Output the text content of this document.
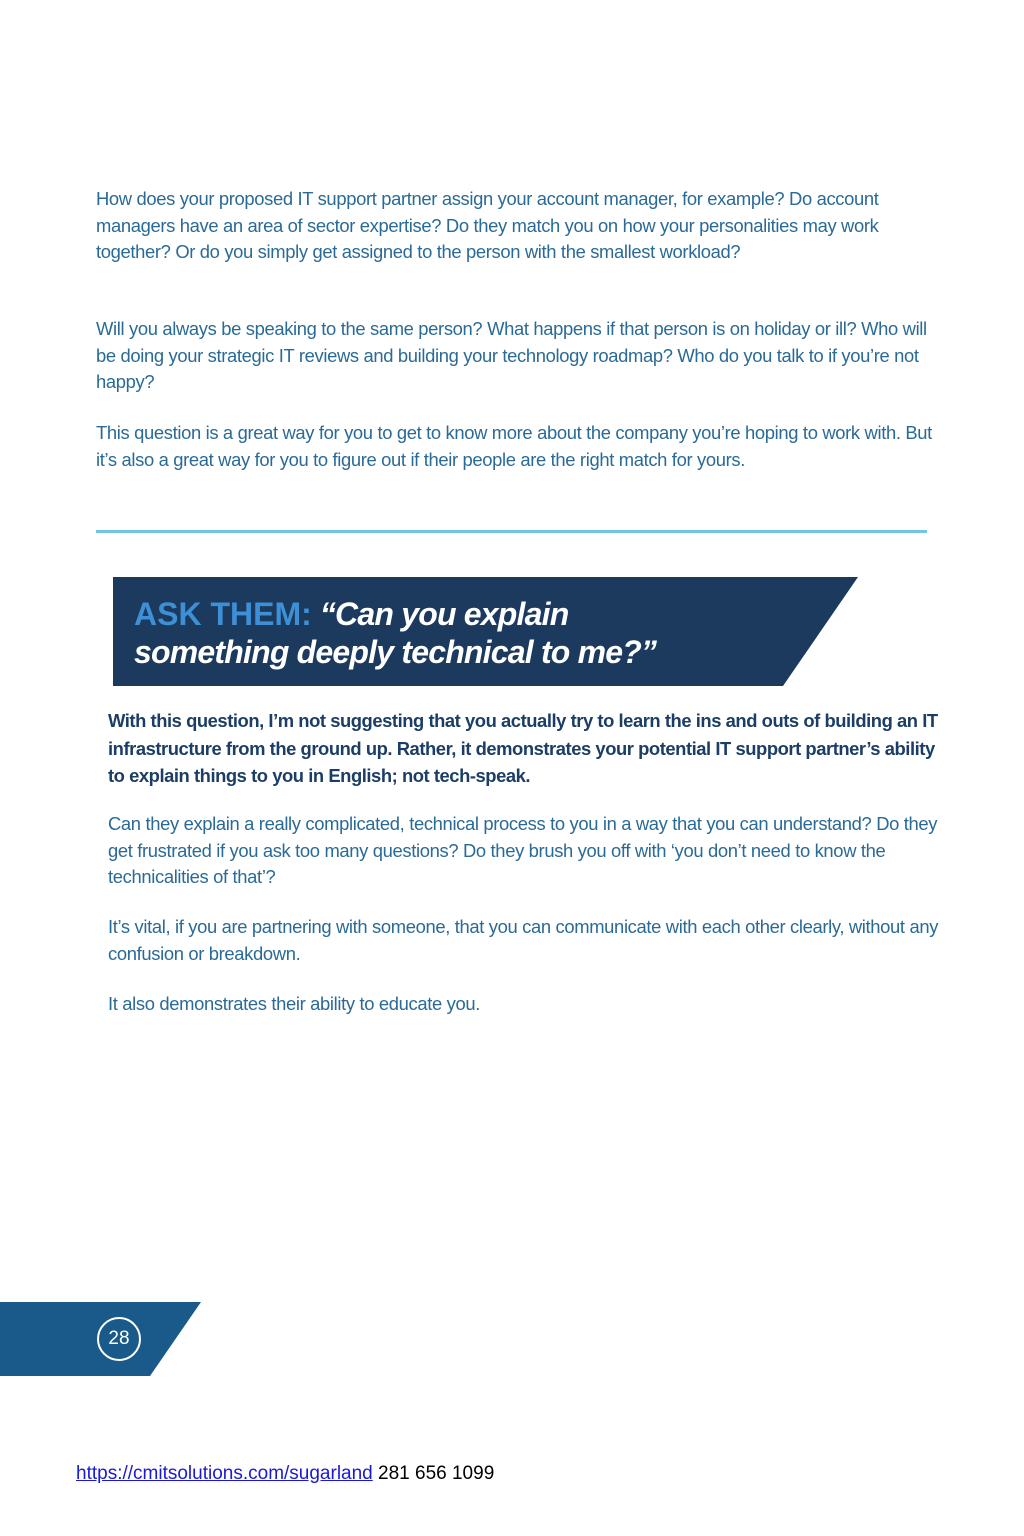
How does your proposed IT support partner assign your account manager, for example? Do account managers have an area of sector expertise? Do they match you on how your personalities may work together? Or do you simply get assigned to the person with the smallest workload?

Will you always be speaking to the same person? What happens if that person is on holiday or ill? Who will be doing your strategic IT reviews and building your technology roadmap? Who do you talk to if you’re not happy?

This question is a great way for you to get to know more about the company you’re hoping to work with. But it’s also a great way for you to figure out if their people are the right match for yours.

ASK THEM: “Can you explain
something deeply technical to me?”

With this question, I’m not suggesting that you actually try to learn the ins and outs of building an IT infrastructure from the ground up. Rather, it demonstrates your potential IT support partner’s ability to explain things to you in English; not tech-speak.

Can they explain a really complicated, technical process to you in a way that you can understand? Do they get frustrated if you ask too many questions? Do they brush you off with ‘you don’t need to know the technicalities of that’?

It’s vital, if you are partnering with someone, that you can communicate with each other clearly, without any confusion or breakdown.

It also demonstrates their ability to educate you.

28
https://cmitsolutions.com/sugarland 281 656 1099
